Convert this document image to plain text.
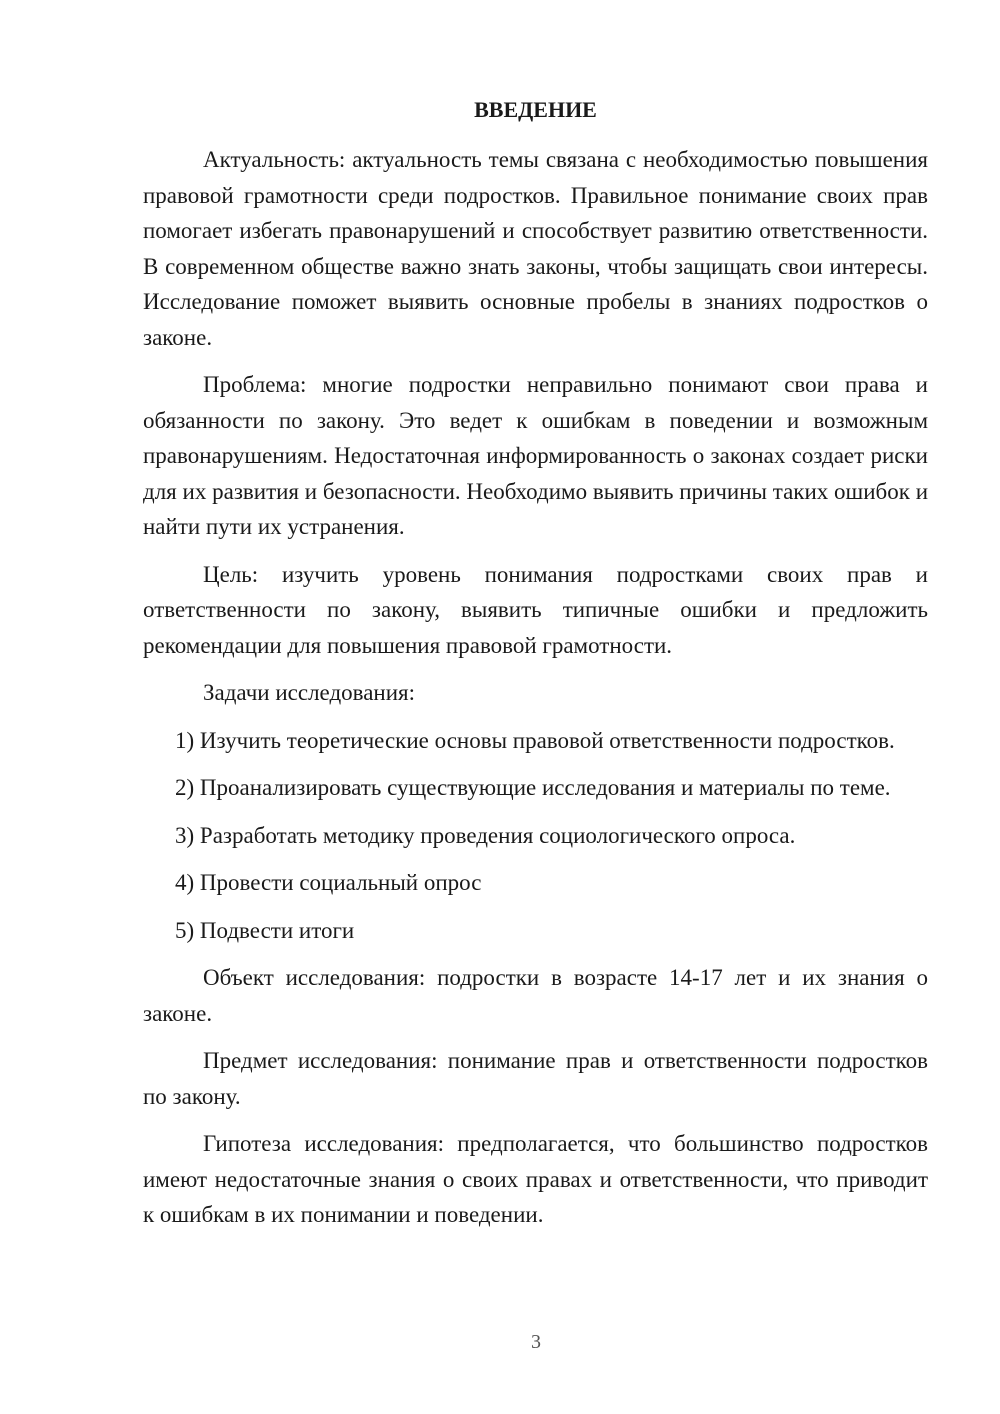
ВВЕДЕНИЕ

Актуальность: актуальность темы связана с необходимостью повышения правовой грамотности среди подростков. Правильное понимание своих прав помогает избегать правонарушений и способствует развитию ответственности. В современном обществе важно знать законы, чтобы защищать свои интересы. Исследование поможет выявить основные пробелы в знаниях подростков о законе.

Проблема: многие подростки неправильно понимают свои права и обязанности по закону. Это ведет к ошибкам в поведении и возможным правонарушениям. Недостаточная информированность о законах создает риски для их развития и безопасности. Необходимо выявить причины таких ошибок и найти пути их устранения.

Цель: изучить уровень понимания подростками своих прав и ответственности по закону, выявить типичные ошибки и предложить рекомендации для повышения правовой грамотности.

Задачи исследования:

1) Изучить теоретические основы правовой ответственности подростков.

2) Проанализировать существующие исследования и материалы по теме.

3) Разработать методику проведения социологического опроса.

4) Провести социальный опрос

5) Подвести итоги

Объект исследования: подростки в возрасте 14-17 лет и их знания о законе.

Предмет исследования: понимание прав и ответственности подростков по закону.

Гипотеза исследования: предполагается, что большинство подростков имеют недостаточные знания о своих правах и ответственности, что приводит к ошибкам в их понимании и поведении.

3
